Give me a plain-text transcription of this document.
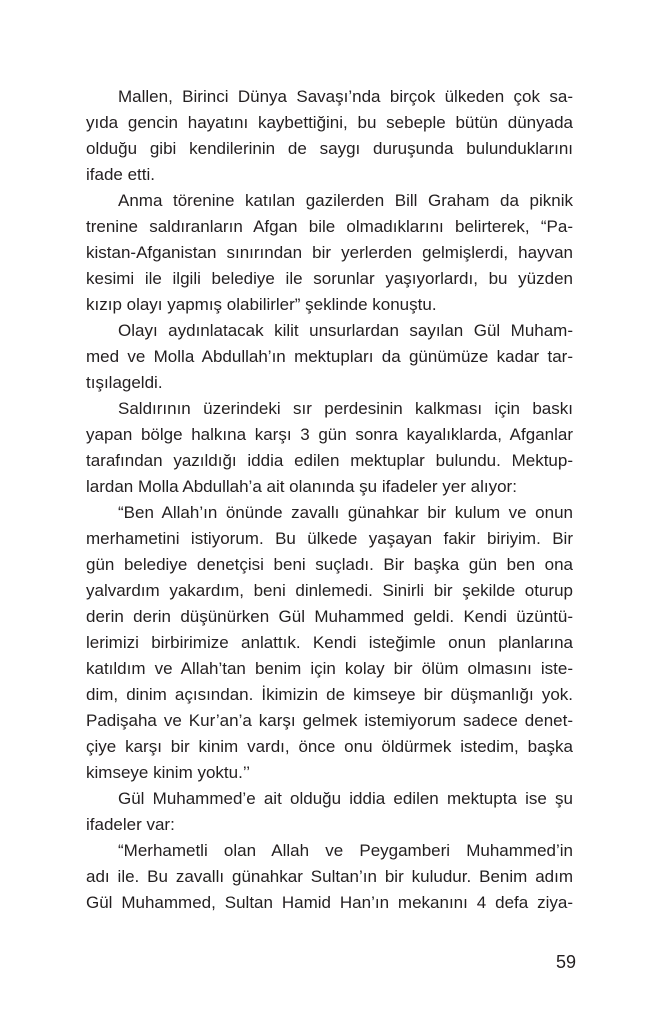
Mallen, Birinci Dünya Savaşı’nda birçok ülkeden çok sa-
yıda gencin hayatını kaybettiğini, bu sebeple bütün dünyada
olduğu gibi kendilerinin de saygı duruşunda bulunduklarını
ifade etti.
Anma törenine katılan gazilerden Bill Graham da piknik
trenine saldıranların Afgan bile olmadıklarını belirterek, “Pa-
kistan-Afganistan sınırından bir yerlerden gelmişlerdi, hayvan
kesimi ile ilgili belediye ile sorunlar yaşıyorlardı, bu yüzden
kızıp olayı yapmış olabilirler” şeklinde konuştu.
Olayı aydınlatacak kilit unsurlardan sayılan Gül Muham-
med ve Molla Abdullah’ın mektupları da günümüze kadar tar-
tışılageldi.
Saldırının üzerindeki sır perdesinin kalkması için baskı
yapan bölge halkına karşı 3 gün sonra kayalıklarda, Afganlar
tarafından yazıldığı iddia edilen mektuplar bulundu. Mektup-
lardan Molla Abdullah’a ait olanında şu ifadeler yer alıyor:
“Ben Allah’ın önünde zavallı günahkar bir kulum ve onun
merhametini istiyorum. Bu ülkede yaşayan fakir biriyim. Bir
gün belediye denetçisi beni suçladı. Bir başka gün ben ona
yalvardım yakardım, beni dinlemedi. Sinirli bir şekilde oturup
derin derin düşünürken Gül Muhammed geldi. Kendi üzüntü-
lerimizi birbirimize anlattık. Kendi isteğimle onun planlarına
katıldım ve Allah’tan benim için kolay bir ölüm olmasını iste-
dim, dinim açısından. İkimizin de kimseye bir düşmanlığı yok.
Padişaha ve Kur’an’a karşı gelmek istemiyorum sadece denet-
çiye karşı bir kinim vardı, önce onu öldürmek istedim, başka
kimseye kinim yoktu.’’
Gül Muhammed’e ait olduğu iddia edilen mektupta ise şu
ifadeler var:
“Merhametli olan Allah ve Peygamberi Muhammed’in
adı ile. Bu zavallı günahkar Sultan’ın bir kuludur. Benim adım
Gül Muhammed, Sultan Hamid Han’ın mekanını 4 defa ziya-
59
